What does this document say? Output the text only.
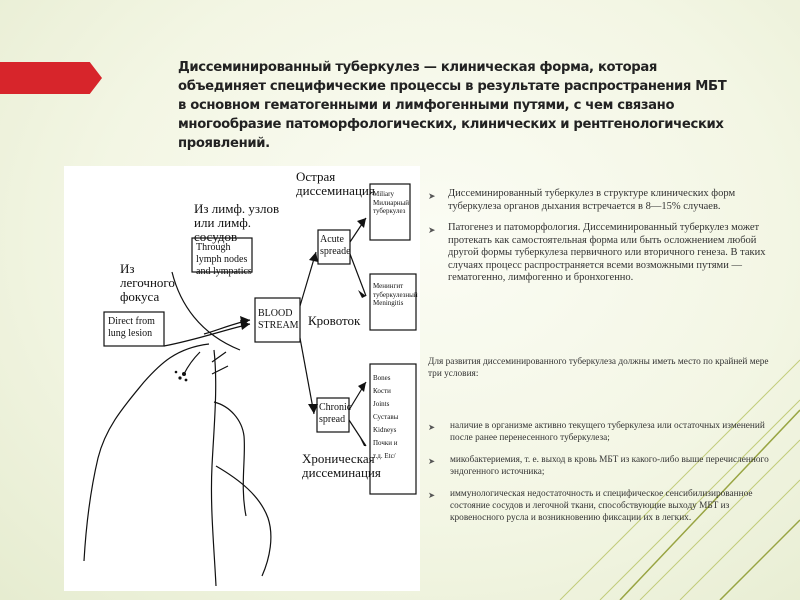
Диссеминированный туберкулез — клиническая форма, которая объединяет специфические процессы в результате распространения МБТ в основном гематогенными и лимфогенными путями, с чем связано многообразие патоморфологических, клинических и рентгенологических проявлений.
Из легочного фокуса
Direct from lung lesion
Из лимф. узлов или лимф. сосудов
Through lymph nodes and lympatics
BLOOD STREAM Кровоток
Острая диссеминация
Acute spreade
Miliary Милиарный туберкулез
Менингит туберкулезный Meningitis
Chronic spread
Хроническая диссеминация
Bones Кости Joints Суставы Kidneys Почки и т.д. Etc/
➤ Диссеминированный туберкулез в структуре клинических форм туберкулеза органов дыхания встречается в 8—15% случаев.
➤ Патогенез и патоморфология. Диссеминированный туберкулез может протекать как самостоятельная форма или быть осложнением любой другой формы туберкулеза первичного или вторичного генеза. В таких случаях процесс распространяется всеми возможными путями — гематогенно, лимфогенно и бронхогенно.

Для развития диссеминированного туберкулеза должны иметь место по крайней мере три условия:

➤ наличие в организме активно текущего туберкулеза или остаточных изменений после ранее перенесенного туберкулеза;
➤ микобактериемия, т. е. выход в кровь МБТ из какого-либо выше перечисленного эндогенного источника;
➤ иммунологическая недостаточность и специфическое сенсибилизированное состояние сосудов и легочной ткани, способствующие выходу МБТ из кровеносного русла и возникновению фиксации их в легких.
